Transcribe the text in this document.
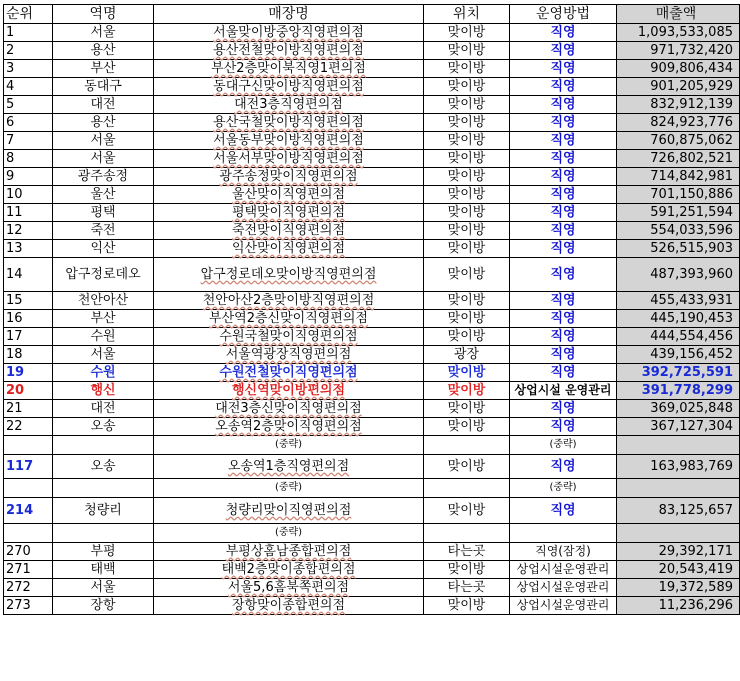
순위	역명	매장명	위치	운영방법	매출액
1	서울	서울맞이방중앙직영편의점	맞이방	직영	1,093,533,085
2	용산	용산전철맞이방직영편의점	맞이방	직영	971,732,420
3	부산	부산2층맞이북직영1편의점	맞이방	직영	909,806,434
4	동대구	동대구신맞이방직영편의점	맞이방	직영	901,205,929
5	대전	대전3층직영편의점	맞이방	직영	832,912,139
6	용산	용산국철맞이방직영편의점	맞이방	직영	824,923,776
7	서울	서울동부맞이방직영편의점	맞이방	직영	760,875,062
8	서울	서울서부맞이방직영편의점	맞이방	직영	726,802,521
9	광주송정	광주송정맞이직영편의점	맞이방	직영	714,842,981
10	울산	울산맞이직영편의점	맞이방	직영	701,150,886
11	평택	평택맞이직영편의점	맞이방	직영	591,251,594
12	죽전	죽전맞이직영편의점	맞이방	직영	554,033,596
13	익산	익산맞이직영편의점	맞이방	직영	526,515,903
14	압구정로데오	압구정로데오맞이방직영편의점	맞이방	직영	487,393,960
15	천안아산	천안아산2층맞이방직영편의점	맞이방	직영	455,433,931
16	부산	부산역2층신맞이직영편의점	맞이방	직영	445,190,453
17	수원	수원국철맞이직영편의점	맞이방	직영	444,554,456
18	서울	서울역광장직영편의점	광장	직영	439,156,452
19	수원	수원전철맞이직영편의점	맞이방	직영	392,725,591
20	행신	행신역맞이방편의점	맞이방	상업시설 운영관리	391,778,299
21	대전	대전3층신맞이직영편의점	맞이방	직영	369,025,848
22	오송	오송역2층맞이직영편의점	맞이방	직영	367,127,304
		(중략)		(중략)	
117	오송	오송역1층직영편의점	맞이방	직영	163,983,769
		(중략)		(중략)	
214	청량리	청량리맞이직영편의점	맞이방	직영	83,125,657
		(중략)			
270	부평	부평상홈남종합편의점	타는곳	직영(잠정)	29,392,171
271	태백	태백2층맞이종합편의점	맞이방	상업시설운영관리	20,543,419
272	서울	서울5,6홈북쪽편의점	타는곳	상업시설운영관리	19,372,589
273	장항	장항맞이종합편의점	맞이방	상업시설운영관리	11,236,296
